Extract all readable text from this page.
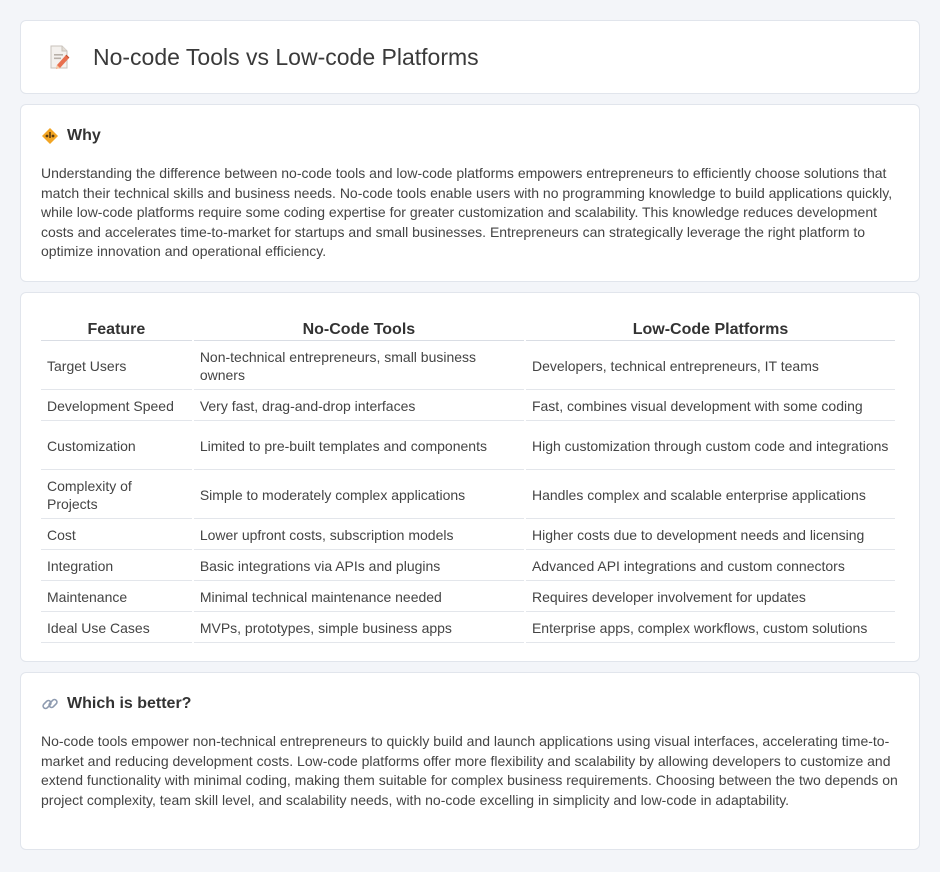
No-code Tools vs Low-code Platforms
Why

Understanding the difference between no-code tools and low-code platforms empowers entrepreneurs to efficiently choose solutions that match their technical skills and business needs. No-code tools enable users with no programming knowledge to build applications quickly, while low-code platforms require some coding expertise for greater customization and scalability. This knowledge reduces development costs and accelerates time-to-market for startups and small businesses. Entrepreneurs can strategically leverage the right platform to optimize innovation and operational efficiency.

Feature	No-Code Tools	Low-Code Platforms
Target Users	Non-technical entrepreneurs, small business owners	Developers, technical entrepreneurs, IT teams
Development Speed	Very fast, drag-and-drop interfaces	Fast, combines visual development with some coding
Customization	Limited to pre-built templates and components	High customization through custom code and integrations
Complexity of Projects	Simple to moderately complex applications	Handles complex and scalable enterprise applications
Cost	Lower upfront costs, subscription models	Higher costs due to development needs and licensing
Integration	Basic integrations via APIs and plugins	Advanced API integrations and custom connectors
Maintenance	Minimal technical maintenance needed	Requires developer involvement for updates
Ideal Use Cases	MVPs, prototypes, simple business apps	Enterprise apps, complex workflows, custom solutions
Which is better?

No-code tools empower non-technical entrepreneurs to quickly build and launch applications using visual interfaces, accelerating time-to-market and reducing development costs. Low-code platforms offer more flexibility and scalability by allowing developers to customize and extend functionality with minimal coding, making them suitable for complex business requirements. Choosing between the two depends on project complexity, team skill level, and scalability needs, with no-code excelling in simplicity and low-code in adaptability.
